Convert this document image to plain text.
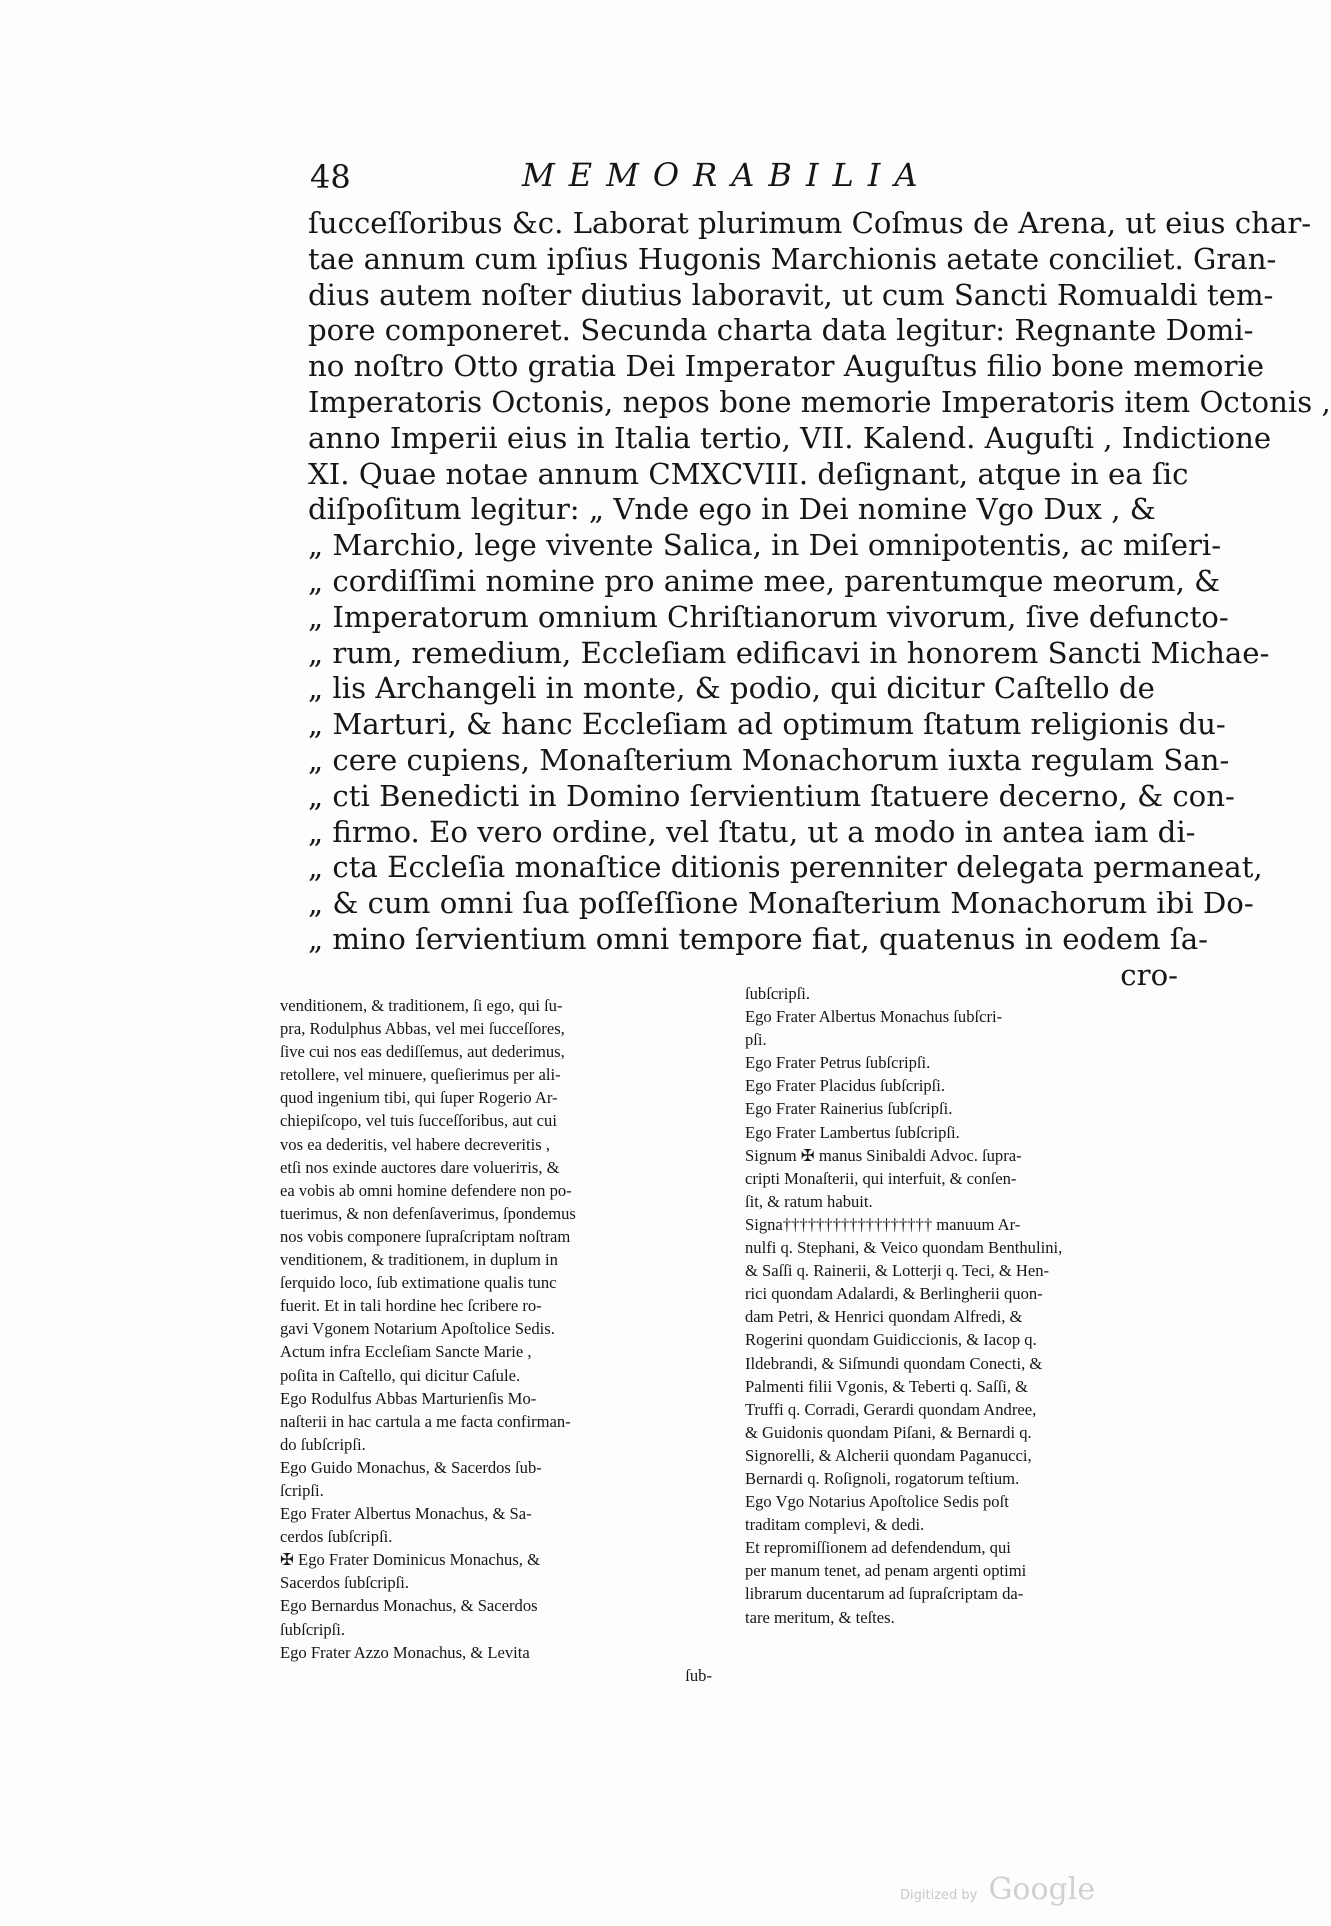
48	MEMORABILIA
ſucceſſoribus &c. Laborat plurimum Coſmus de Arena, ut eius char-
tae annum cum ipſius Hugonis Marchionis aetate conciliet. Gran-
dius autem noſter diutius laboravit, ut cum Sancti Romualdi tem-
pore componeret. Secunda charta data legitur: Regnante Domi-
no noſtro Otto gratia Dei Imperator Auguſtus filio bone memorie
Imperatoris Octonis, nepos bone memorie Imperatoris item Octonis ,
anno Imperii eius in Italia tertio, VII. Kalend. Auguſti , Indictione
XI. Quae notae annum CMXCVIII. deſignant, atque in ea ſic
diſpoſitum legitur: „ Vnde ego in Dei nomine Vgo Dux , &
„ Marchio, lege vivente Salica, in Dei omnipotentis, ac miſeri-
„ cordiſſimi nomine pro anime mee, parentumque meorum, &
„ Imperatorum omnium Chriſtianorum vivorum, ſive defuncto-
„ rum, remedium, Eccleſiam edificavi in honorem Sancti Michae-
„ lis Archangeli in monte, & podio, qui dicitur Caſtello de
„ Marturi, & hanc Eccleſiam ad optimum ſtatum religionis du-
„ cere cupiens, Monaſterium Monachorum iuxta regulam San-
„ cti Benedicti in Domino ſervientium ſtatuere decerno, & con-
„ firmo. Eo vero ordine, vel ſtatu, ut a modo in antea iam di-
„ cta Eccleſia monaſtice ditionis perenniter delegata permaneat,
„ & cum omni ſua poſſeſſione Monaſterium Monachorum ibi Do-
„ mino ſervientium omni tempore fiat, quatenus in eodem ſa-
cro-
venditionem, & traditionem, ſi ego, qui ſu-
pra, Rodulphus Abbas, vel mei ſucceſſores,
ſive cui nos eas dediſſemus, aut dederimus,
retollere, vel minuere, queſierimus per ali-
quod ingenium tibi, qui ſuper Rogerio Ar-
chiepiſcopo, vel tuis ſucceſſoribus, aut cui
vos ea dederitis, vel habere decreveritis ,
etſi nos exinde auctores dare voluerітis, &
ea vobis ab omni homine defendere non po-
tuerimus, & non defenſaverimus, ſpondemus
nos vobis componere ſupraſcriptam noſtram
venditionem, & traditionem, in duplum in
ſerquido loco, ſub extimatione qualis tunc
fuerit. Et in tali hordine hec ſcribere ro-
gavi Vgonem Notarium Apoſtolice Sedis.
Actum infra Eccleſiam Sancte Marie ,
poſita in Caſtello, qui dicitur Caſule.
Ego Rodulfus Abbas Marturienſis Mo-
naſterii in hac cartula a me facta confirman-
do ſubſcripſi.
Ego Guido Monachus, & Sacerdos ſub-
ſcripſi.
Ego Frater Albertus Monachus, & Sa-
cerdos ſubſcripſi.
✠ Ego Frater Dominicus Monachus, &
Sacerdos ſubſcripſi.
Ego Bernardus Monachus, & Sacerdos
ſubſcripſi.
Ego Frater Azzo Monachus, & Levita
ſub-
ſubſcripſi.
Ego Frater Albertus Monachus ſubſcri-
pſi.
Ego Frater Petrus ſubſcripſi.
Ego Frater Placidus ſubſcripſi.
Ego Frater Rainerius ſubſcripſi.
Ego Frater Lambertus ſubſcripſi.
Signum ✠ manus Sinibaldi Advoc. ſupra-
cripti Monaſterii, qui interfuit, & conſen-
ſit, & ratum habuit.
Signa†††††††††††††††††† manuum Ar-
nulfi q. Stephani, & Veico quondam Benthulini,
& Saſſi q. Rainerii, & Lotterji q. Teci, & Hen-
rici quondam Adalardi, & Berlingherii quon-
dam Petri, & Henrici quondam Alfredi, &
Rogerini quondam Guidiccionis, & Iacop q.
Ildebrandi, & Siſmundi quondam Conecti, &
Palmenti filii Vgonis, & Teberti q. Saſſi, &
Truffi q. Corradi, Gerardi quondam Andree,
& Guidonis quondam Piſani, & Bernardi q.
Signorelli, & Alcherii quondam Paganucci,
Bernardi q. Roſignoli, rogatorum teſtium.
Ego Vgo Notarius Apoſtolice Sedis poſt
traditam complevi, & dedi.
Et repromiſſionem ad defendendum, qui
per manum tenet, ad penam argenti optimi
librarum ducentarum ad ſupraſcriptam da-
tare meritum, & teſtes.
Digitized by Google
